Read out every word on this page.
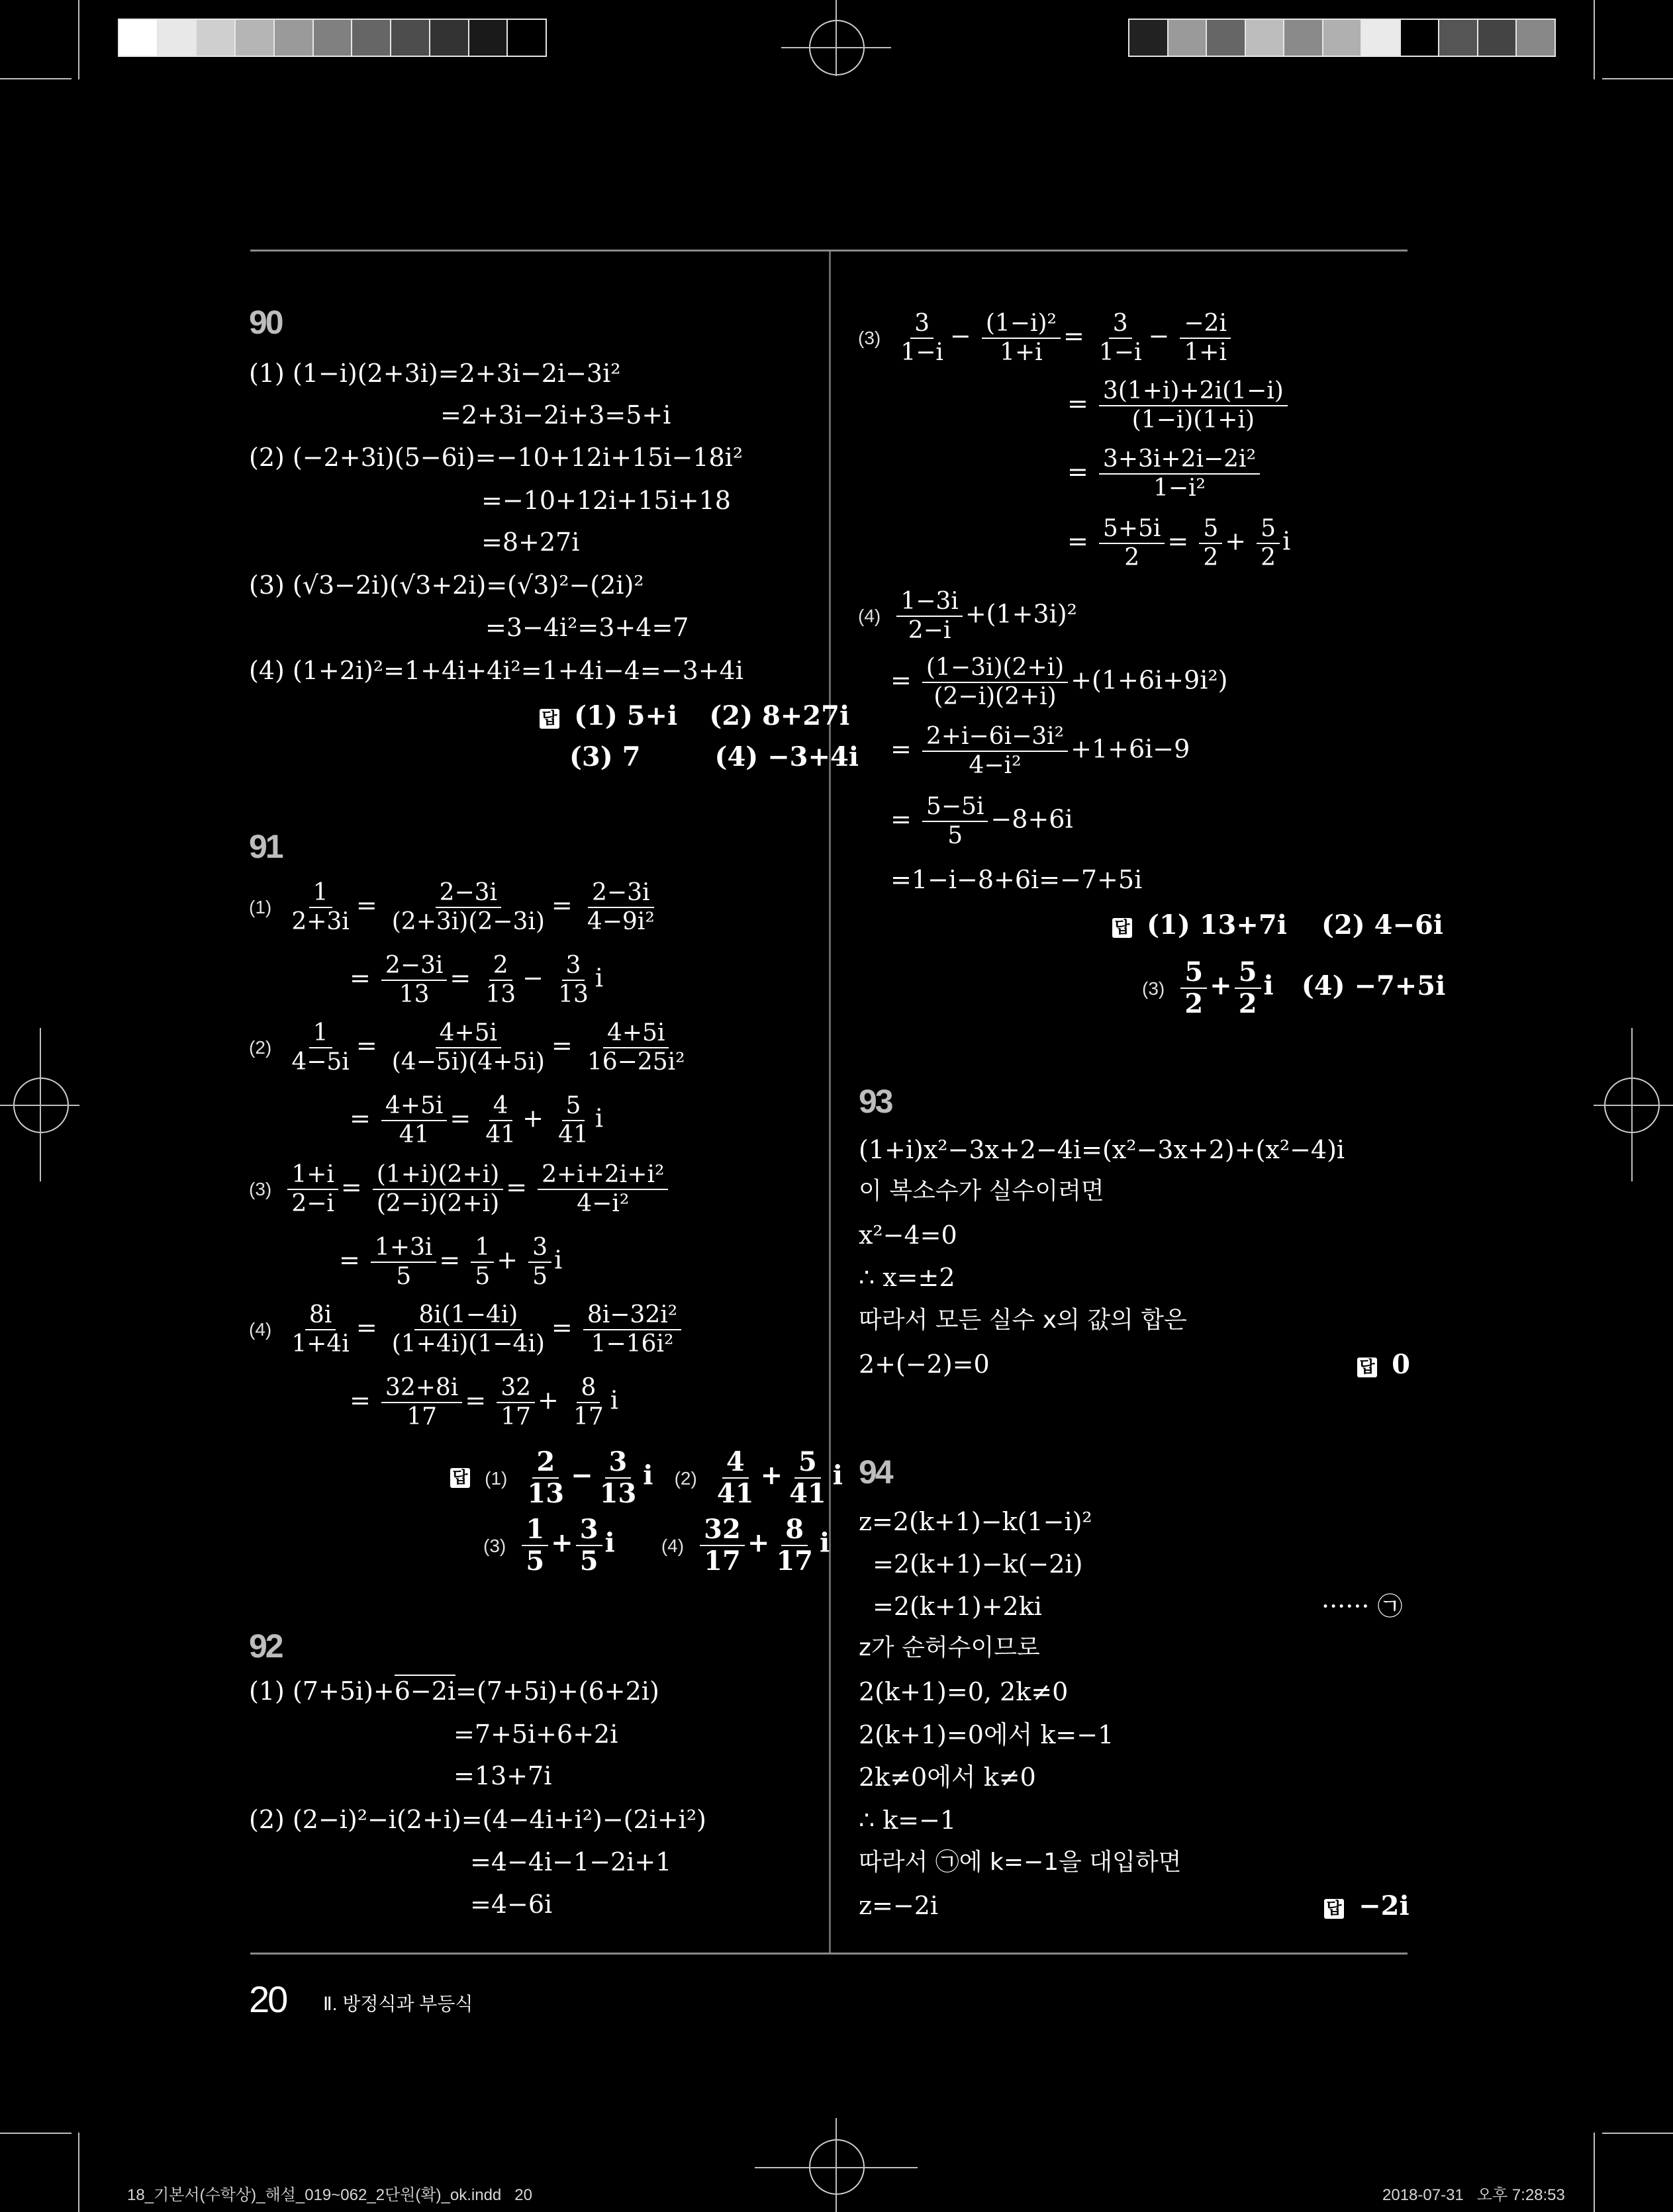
90
(1) (1−i)(2+3i)=2+3i−2i−3i²
=2+3i−2i+3=5+i
(2) (−2+3i)(5−6i)=−10+12i+15i−18i²
=−10+12i+15i+18
=8+27i
(3) (√3−2i)(√3+2i)=(√3)²−(2i)²
=3−4i²=3+4=7
(4) (1+2i)²=1+4i+4i²=1+4i−4=−3+4i
답 (1) 5+i (2) 8+27i
(3) 7	(4) −3+4i
91
$(1) \frac{1}{2+3i} = \frac{2-3i}{(2+3i)(2-3i)} = \frac{2-3i}{\text{4−9i²}}$
= $\frac{2-3i}{13} = \frac{2}{13} - \frac{3}{13}$ i
$(2) \frac{1}{4-5i} = \frac{4+5i}{(4-5i)(4+5i)} = \frac{4+5i}{\text{16−25i²}}$
= $\frac{4+5i}{41} = \frac{4}{41} + \frac{5}{41}$ i
$(3) \frac{1+i}{2-i} = \frac{(1+i)(2+i)}{(2-i)(2+i)} = \frac{\text{2+i+2i+i²}}{\text{4−i²}}$
= $\frac{1+3i}{5} = \frac{1}{5} + \frac{3}{5}$ i
$(4) \frac{8i}{1+4i} = \frac{8i(1-4i)}{(1+4i)(1-4i)} = \frac{\text{8i−32i²}}{\text{1−16i²}}$
= $\frac{32+8i}{17} = \frac{32}{17} + \frac{8}{17}$ i
답 $(1) \frac{2}{13} - \frac{3}{13}$ i $(2) \frac{4}{41} + \frac{5}{41}$ i
$(3) \frac{1}{5} + \frac{3}{5}$ i	$(4) \frac{32}{17} + \frac{8}{17}$ i
92
(1) (7+5i)+6−2i=(7+5i)+(6+2i)
=7+5i+6+2i
=13+7i
(2) (2−i)²−i(2+i)=(4−4i+i²)−(2i+i²)
=4−4i−1−2i+1
=4−6i
$(3) \frac{3}{1-i} - \frac{\text{(1−i)²}}{1+i} = \frac{3}{1-i} - \frac{-2i}{1+i}$
= $\frac{3(1+i)+2i(1-i)}{(1-i)(1+i)}$
= $\frac{\text{3+3i+2i−2i²}}{\text{1−i²}}$
= $\frac{5+5i}{2} = \frac{5}{2} + \frac{5}{2}$ i
$(4) \frac{1-3i}{2-i} +(1+3i)^2$
= $\frac{(1-3i)(2+i)}{(2-i)(2+i)} +(1+6i+9i^2)$
= $\frac{\text{2+i−6i−3i²}}{\text{4−i²}} +1+6i-9$
= $\frac{5-5i}{5} -8+6i$
=1−i−8+6i=−7+5i
답 (1) 13+7i (2) 4−6i
$(3) \frac{5}{2} + \frac{5}{2}$ i (4) −7+5i
93
(1+i)x²−3x+2−4i=(x²−3x+2)+(x²−4)i
이 복소수가 실수이려면
x²−4=0
∴ x=±2
따라서 모든 실수 x의 값의 합은
2+(−2)=0	답 0
94
z=2(k+1)−k(1−i)²
=2(k+1)−k(−2i)
=2(k+1)+2ki	······ ㉠
z가 순허수이므로
2(k+1)=0, 2k≠0
2(k+1)=0에서 k=−1
2k≠0에서 k≠0
∴ k=−1
따라서 ㉠에 k=−1을 대입하면
z=−2i	답 −2i
20 Ⅱ. 방정식과 부등식
18_기본서(수학상)_해설_019~062_2단원(확)_ok.indd   20	2018-07-31   오후 7:28:53
